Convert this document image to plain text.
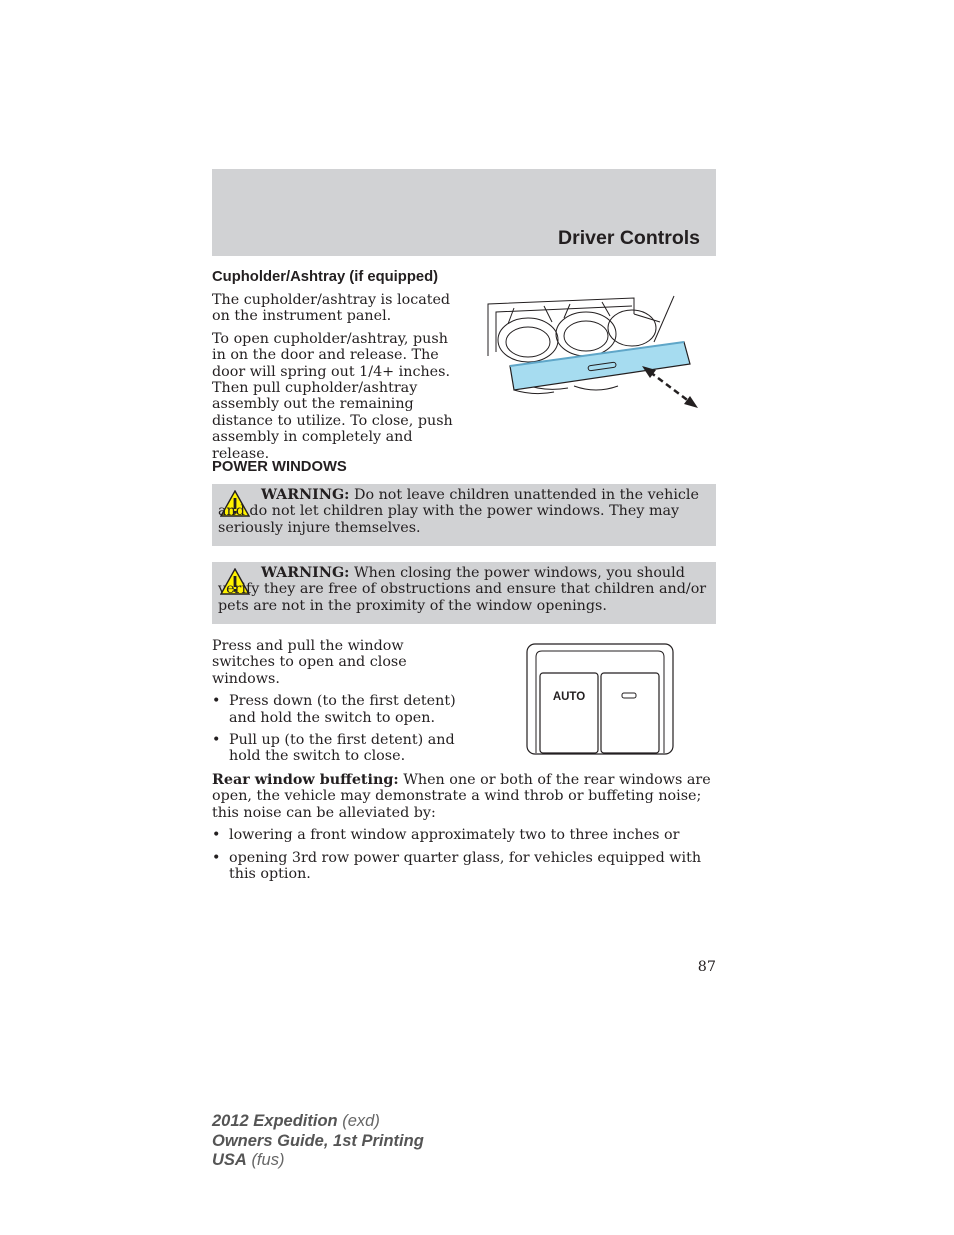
Driver Controls
Cupholder/Ashtray (if equipped)

The cupholder/ashtray is located on the instrument panel.

To open cupholder/ashtray, push in on the door and release. The door will spring out 1/4+ inches. Then pull cupholder/ashtray assembly out the remaining distance to utilize. To close, push assembly in completely and release.

POWER WINDOWS
WARNING: Do not leave children unattended in the vehicle and do not let children play with the power windows. They may seriously injure themselves.
WARNING: When closing the power windows, you should verify they are free of obstructions and ensure that children and/or pets are not in the proximity of the window openings.

Press and pull the window switches to open and close windows.

• Press down (to the first detent) and hold the switch to open.
• Pull up (to the first detent) and hold the switch to close.
AUTO

Rear window buffeting: When one or both of the rear windows are open, the vehicle may demonstrate a wind throb or buffeting noise; this noise can be alleviated by:

• lowering a front window approximately two to three inches or
• opening 3rd row power quarter glass, for vehicles equipped with this option.
87
2012 Expedition (exd)
Owners Guide, 1st Printing
USA (fus)
